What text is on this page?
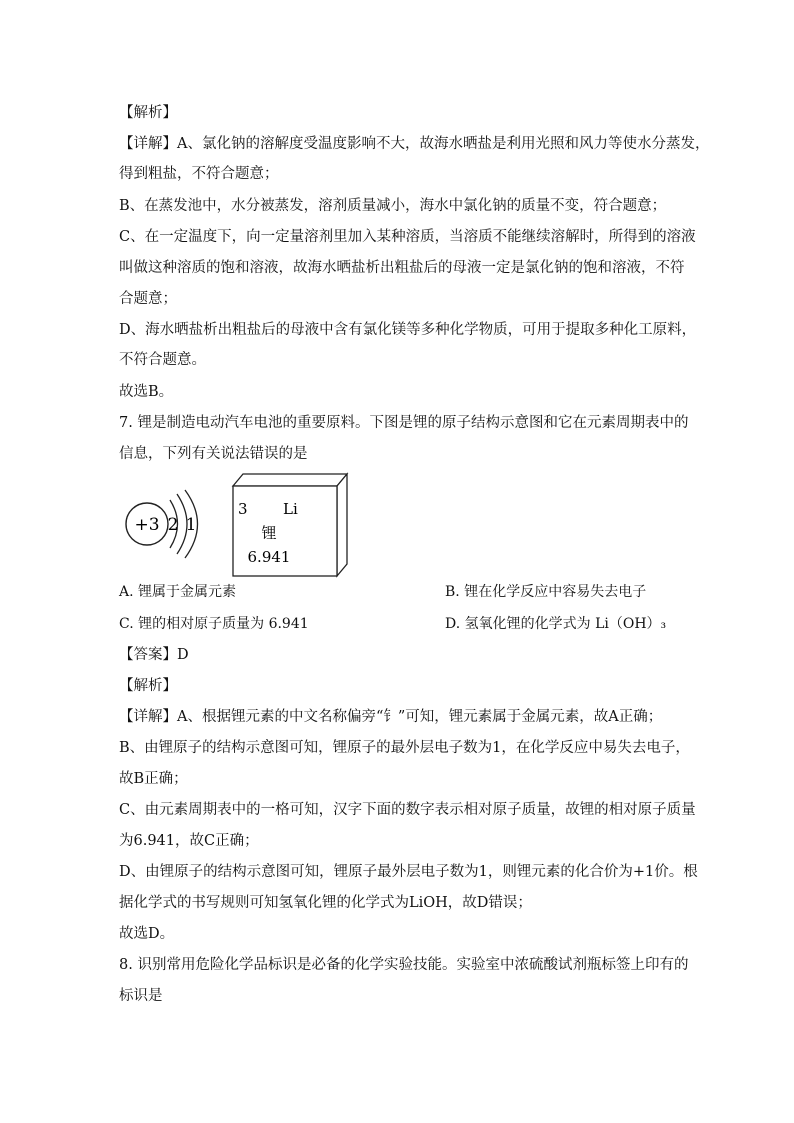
【解析】
【详解】A、氯化钠的溶解度受温度影响不大，故海水晒盐是利用光照和风力等使水分蒸发，
得到粗盐，不符合题意；
B、在蒸发池中，水分被蒸发，溶剂质量减小，海水中氯化钠的质量不变，符合题意；
C、在一定温度下，向一定量溶剂里加入某种溶质，当溶质不能继续溶解时，所得到的溶液
叫做这种溶质的饱和溶液，故海水晒盐析出粗盐后的母液一定是氯化钠的饱和溶液，不符
合题意；
D、海水晒盐析出粗盐后的母液中含有氯化镁等多种化学物质，可用于提取多种化工原料，
不符合题意。
故选B。
7. 锂是制造电动汽车电池的重要原料。下图是锂的原子结构示意图和它在元素周期表中的
信息，下列有关说法错误的是
+3 2 1
3 Li
锂
6.941
A. 锂属于金属元素	B. 锂在化学反应中容易失去电子
C. 锂的相对原子质量为 6.941	D. 氢氧化锂的化学式为 Li（OH）₃
【答案】D
【解析】
【详解】A、根据锂元素的中文名称偏旁“钅”可知，锂元素属于金属元素，故A正确；
B、由锂原子的结构示意图可知，锂原子的最外层电子数为1，在化学反应中易失去电子，
故B正确；
C、由元素周期表中的一格可知，汉字下面的数字表示相对原子质量，故锂的相对原子质量
为6.941，故C正确；
D、由锂原子的结构示意图可知，锂原子最外层电子数为1，则锂元素的化合价为+1价。根
据化学式的书写规则可知氢氧化锂的化学式为LiOH，故D错误；
故选D。
8. 识别常用危险化学品标识是必备的化学实验技能。实验室中浓硫酸试剂瓶标签上印有的
标识是
